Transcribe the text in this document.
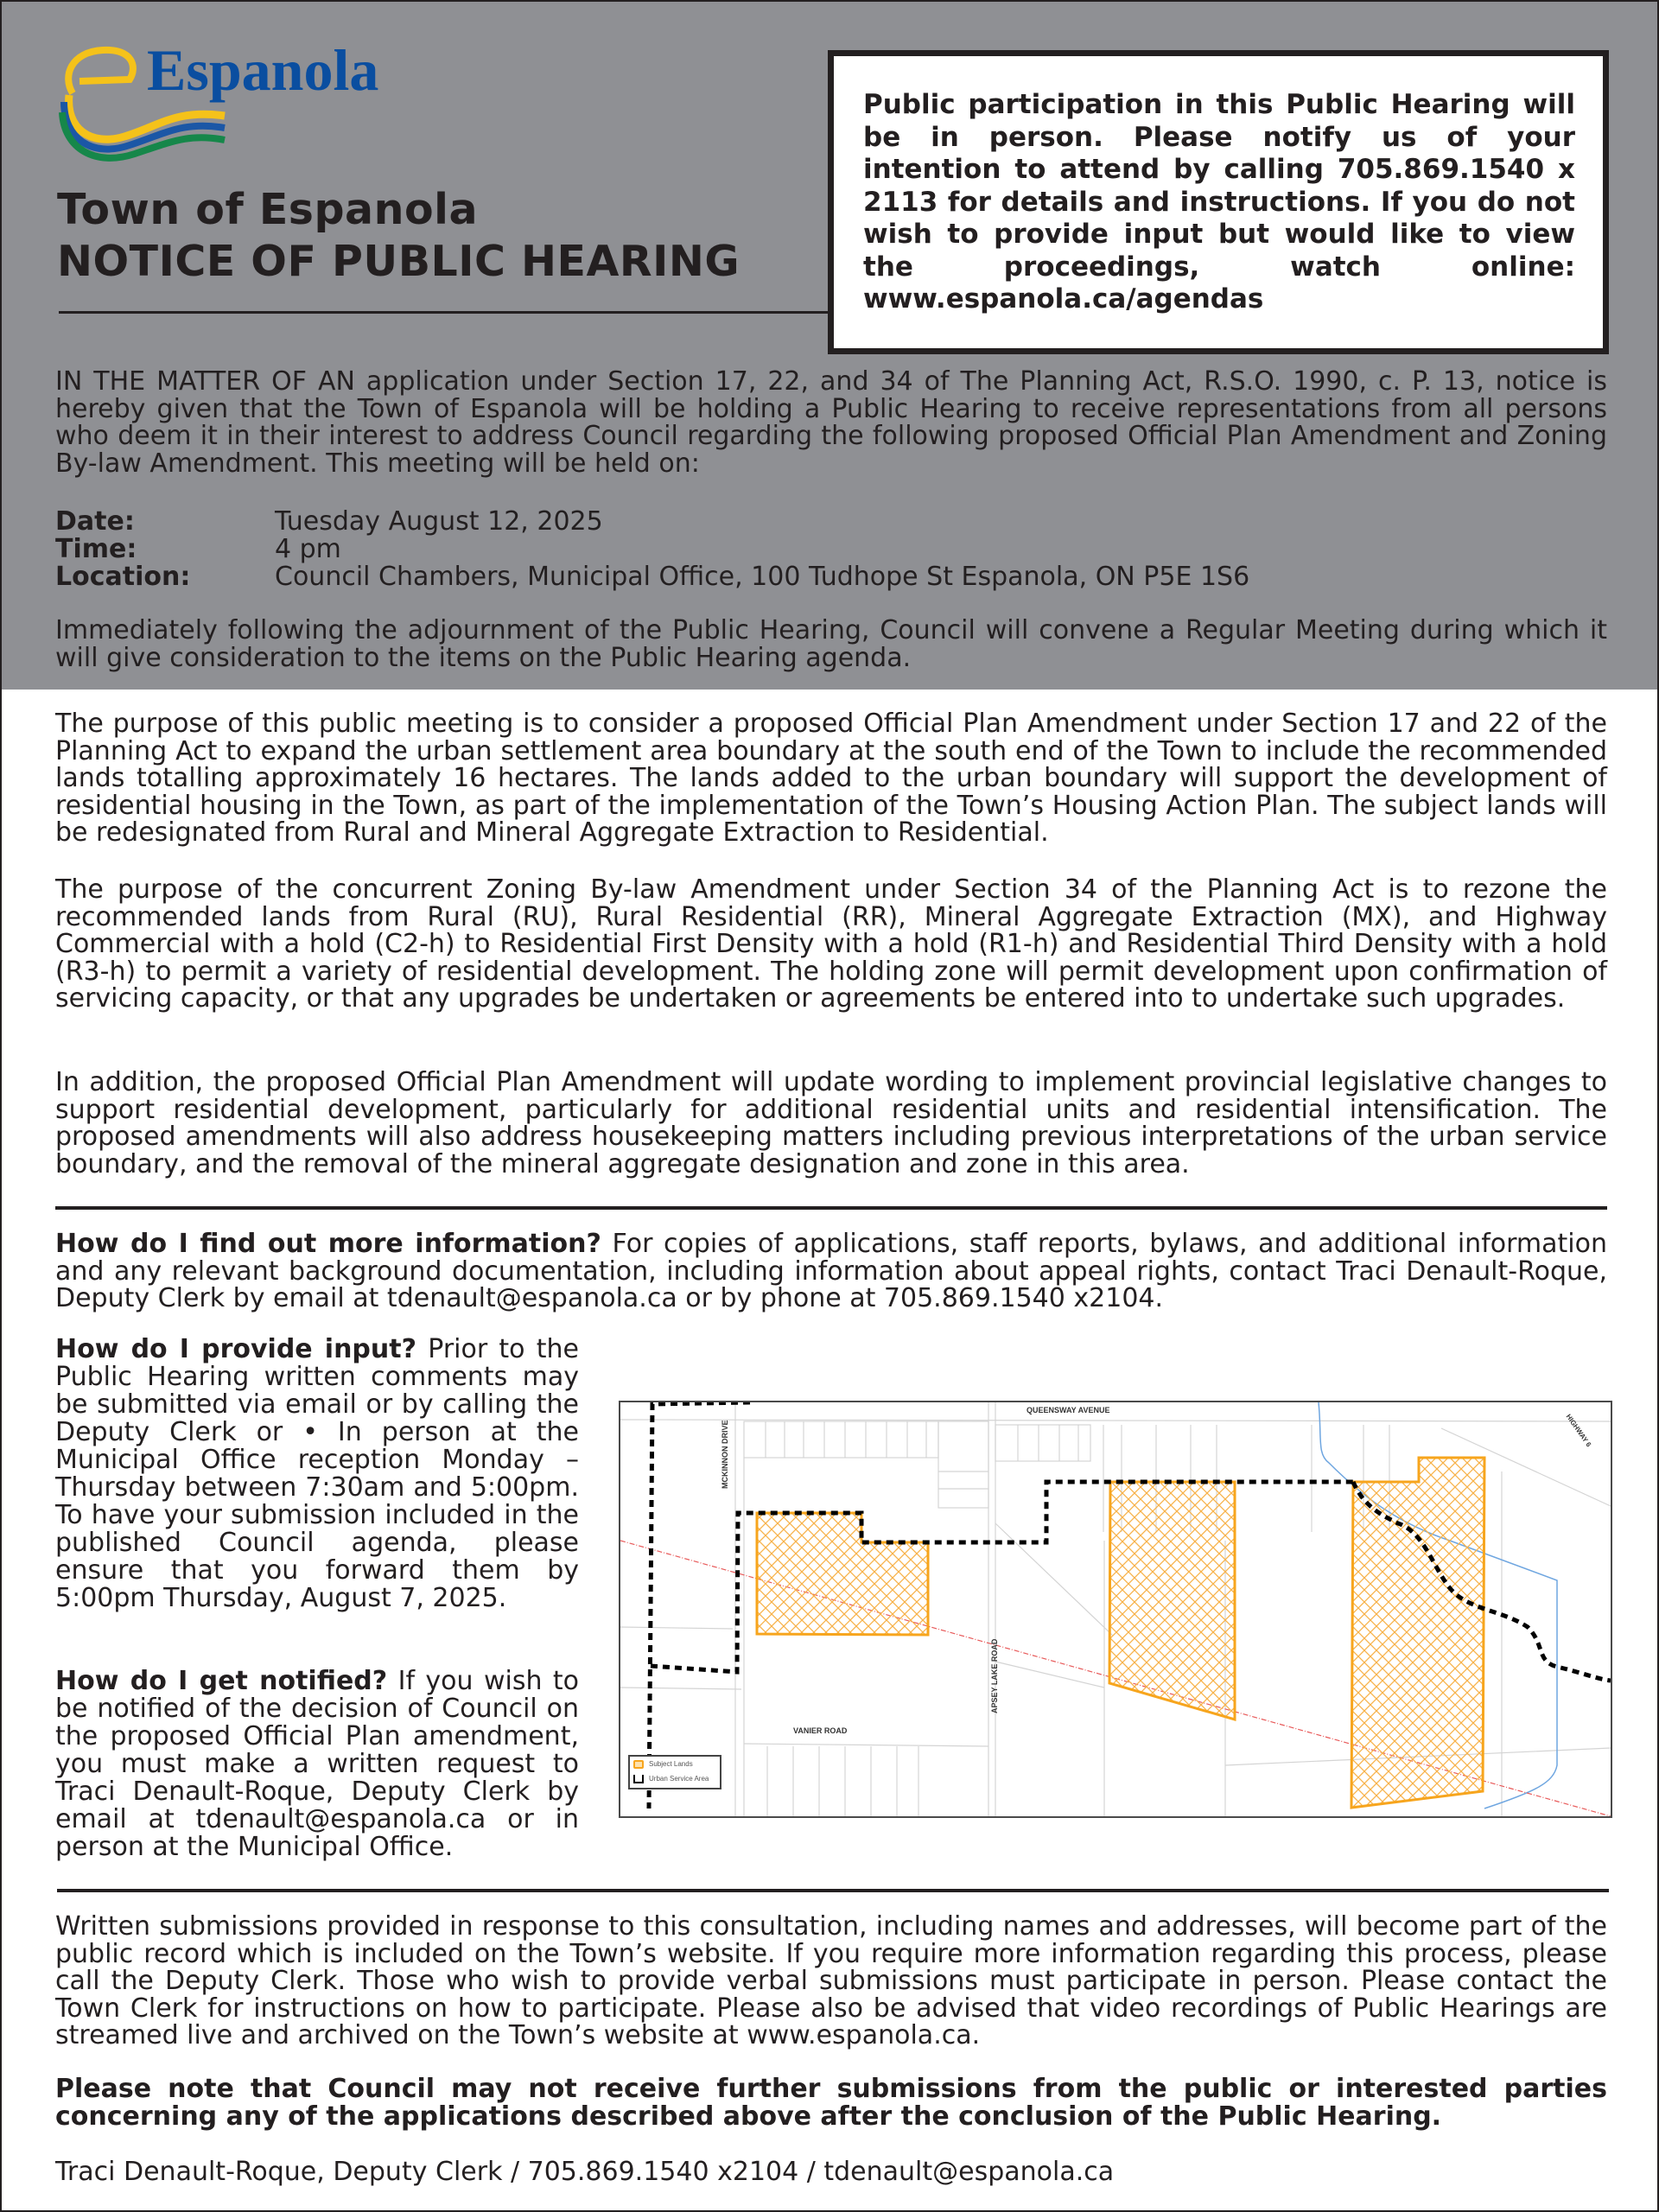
Espanola
Town of Espanola
NOTICE OF PUBLIC HEARING

Public participation in this Public Hearing will be in person. Please notify us of your intention to attend by calling 705.869.1540 x 2113 for details and instructions. If you do not wish to provide input but would like to view the proceedings, watch online: www.espanola.ca/agendas

IN THE MATTER OF AN application under Section 17, 22, and 34 of The Planning Act, R.S.O. 1990, c. P. 13, notice is hereby given that the Town of Espanola will be holding a Public Hearing to receive representations from all persons who deem it in their interest to address Council regarding the following proposed Official Plan Amendment and Zoning By-law Amendment. This meeting will be held on:

Date:	Tuesday August 12, 2025
Time:	4 pm
Location:	Council Chambers, Municipal Office, 100 Tudhope St Espanola, ON P5E 1S6

Immediately following the adjournment of the Public Hearing, Council will convene a Regular Meeting during which it will give consideration to the items on the Public Hearing agenda.

The purpose of this public meeting is to consider a proposed Official Plan Amendment under Section 17 and 22 of the Planning Act to expand the urban settlement area boundary at the south end of the Town to include the recommended lands totalling approximately 16 hectares. The lands added to the urban boundary will support the development of residential housing in the Town, as part of the implementation of the Town’s Housing Action Plan. The subject lands will be redesignated from Rural and Mineral Aggregate Extraction to Residential.

The purpose of the concurrent Zoning By-law Amendment under Section 34 of the Planning Act is to rezone the recommended lands from Rural (RU), Rural Residential (RR), Mineral Aggregate Extraction (MX), and Highway Commercial with a hold (C2-h) to Residential First Density with a hold (R1-h) and Residential Third Density with a hold (R3-h) to permit a variety of residential development. The holding zone will permit development upon confirmation of servicing capacity, or that any upgrades be undertaken or agreements be entered into to undertake such upgrades.

In addition, the proposed Official Plan Amendment will update wording to implement provincial legislative changes to support residential development, particularly for additional residential units and residential intensification. The proposed amendments will also address housekeeping matters including previous interpretations of the urban service boundary, and the removal of the mineral aggregate designation and zone in this area.

How do I find out more information? For copies of applications, staff reports, bylaws, and additional information and any relevant background documentation, including information about appeal rights, contact Traci Denault-Roque, Deputy Clerk by email at tdenault@espanola.ca or by phone at 705.869.1540 x2104.

How do I provide input? Prior to the Public Hearing written comments may be submitted via email or by calling the Deputy Clerk or • In person at the Municipal Office reception Monday – Thursday between 7:30am and 5:00pm. To have your submission included in the published Council agenda, please ensure that you forward them by 5:00pm Thursday, August 7, 2025.

How do I get notified? If you wish to be notified of the decision of Council on the proposed Official Plan amendment, you must make a written request to Traci Denault-Roque, Deputy Clerk by email at tdenault@espanola.ca or in person at the Municipal Office.

QUEENSWAY AVENUE
MCKINNON DRIVE
APSEY LAKE ROAD
VANIER ROAD
HIGHWAY 6
Subject Lands
Urban Service Area

Written submissions provided in response to this consultation, including names and addresses, will become part of the public record which is included on the Town’s website. If you require more information regarding this process, please call the Deputy Clerk. Those who wish to provide verbal submissions must participate in person. Please contact the Town Clerk for instructions on how to participate. Please also be advised that video recordings of Public Hearings are streamed live and archived on the Town’s website at www.espanola.ca.

Please note that Council may not receive further submissions from the public or interested parties concerning any of the applications described above after the conclusion of the Public Hearing.

Traci Denault-Roque, Deputy Clerk / 705.869.1540 x2104 / tdenault@espanola.ca
